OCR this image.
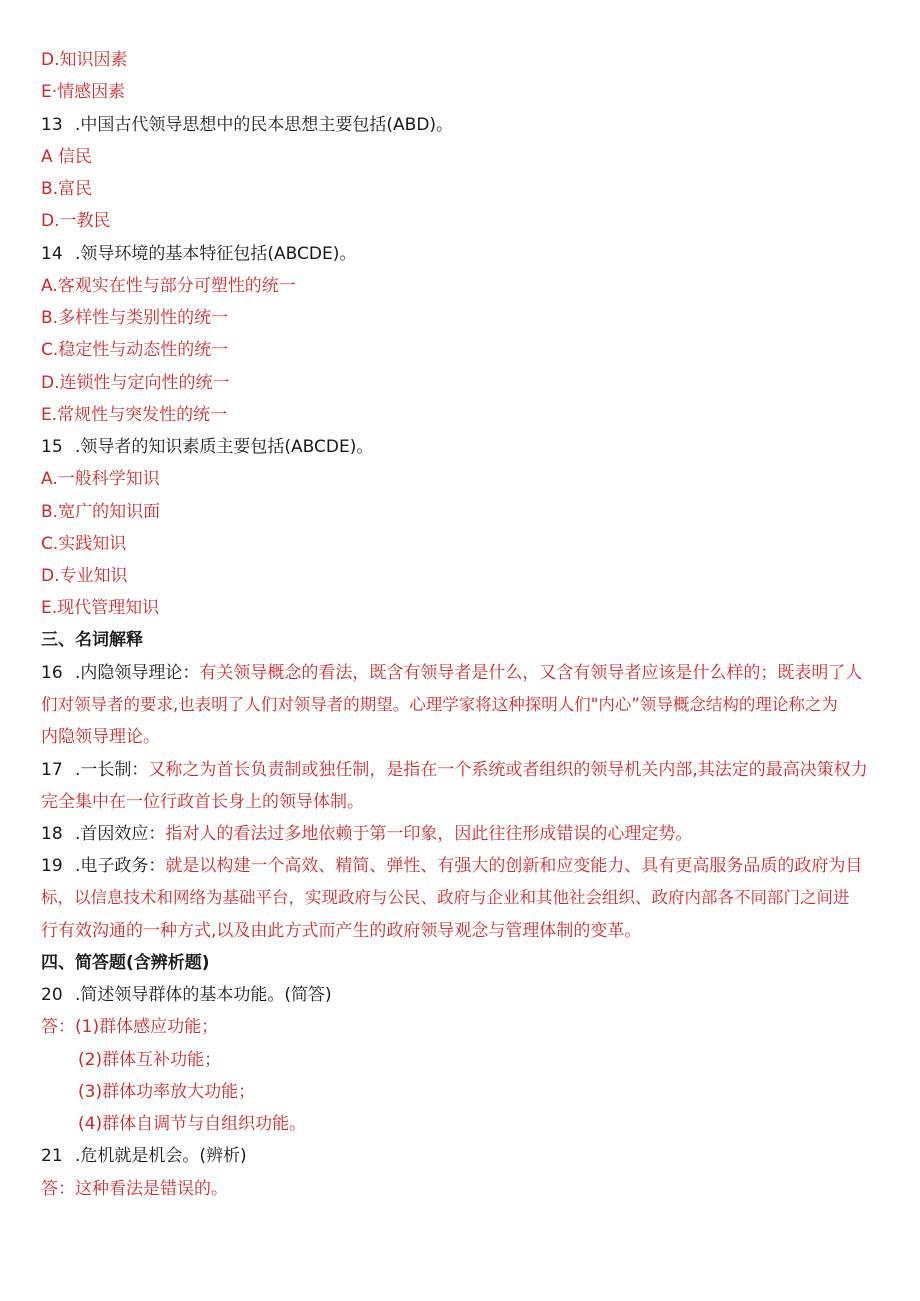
D.知识因素
E·情感因素
13 .中国古代领导思想中的民本思想主要包括(ABD)。
A 信民
B.富民
D.一教民
14 .领导环境的基本特征包括(ABCDE)。
A.客观实在性与部分可塑性的统一
B.多样性与类别性的统一
C.稳定性与动态性的统一
D.连锁性与定向性的统一
E.常规性与突发性的统一
15 .领导者的知识素质主要包括(ABCDE)。
A.一般科学知识
B.宽广的知识面
C.实践知识
D.专业知识
E.现代管理知识
三、名词解释
16 .内隐领导理论：有关领导概念的看法，既含有领导者是什么，又含有领导者应该是什么样的；既表明了人
们对领导者的要求,也表明了人们对领导者的期望。心理学家将这种探明人们"内心”领导概念结构的理论称之为
内隐领导理论。
17 .一长制：又称之为首长负责制或独任制，是指在一个系统或者组织的领导机关内部,其法定的最高决策权力
完全集中在一位行政首长身上的领导体制。
18 .首因效应：指对人的看法过多地依赖于第一印象，因此往往形成错误的心理定势。
19 .电子政务：就是以构建一个高效、精简、弹性、有强大的创新和应变能力、具有更高服务品质的政府为目
标，以信息技术和网络为基础平台，实现政府与公民、政府与企业和其他社会组织、政府内部各不同部门之间进
行有效沟通的一种方式,以及由此方式而产生的政府领导观念与管理体制的变革。
四、简答题(含辨析题)
20 .简述领导群体的基本功能。(简答)
答：(1)群体感应功能；
(2)群体互补功能；
(3)群体功率放大功能；
(4)群体自调节与自组织功能。
21 .危机就是机会。(辨析)
答：这种看法是错误的。
